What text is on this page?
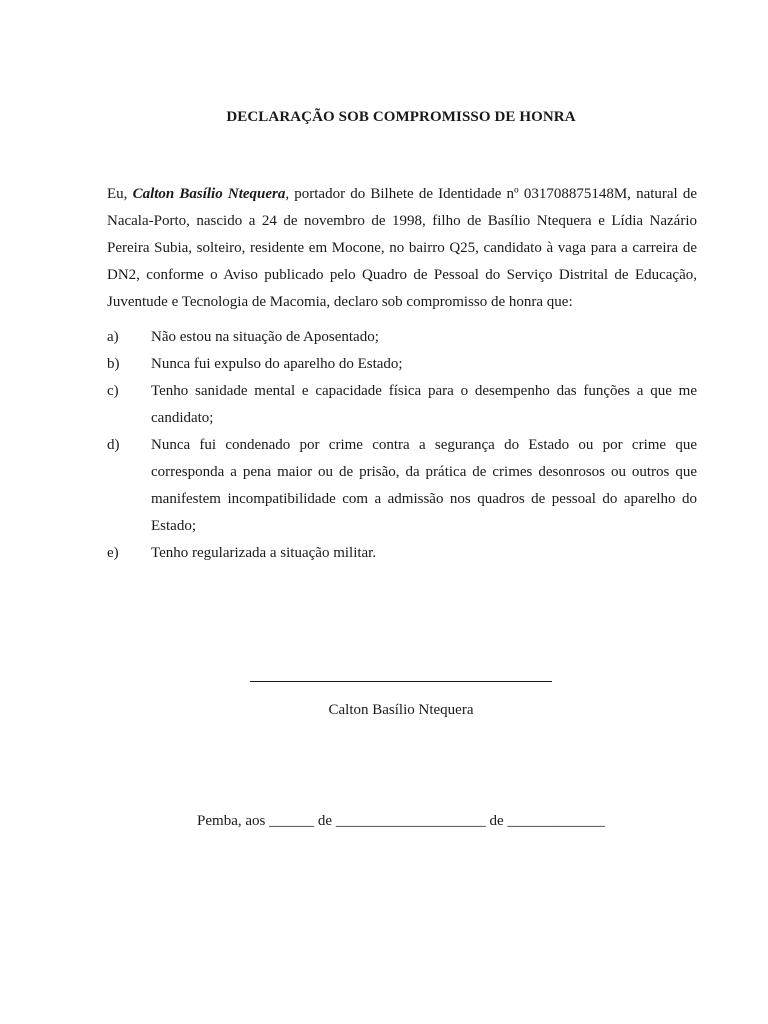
DECLARAÇÃO SOB COMPROMISSO DE HONRA

Eu, Calton Basílio Ntequera, portador do Bilhete de Identidade nº 031708875148M, natural de Nacala-Porto, nascido a 24 de novembro de 1998, filho de Basílio Ntequera e Lídia Nazário Pereira Subia, solteiro, residente em Mocone, no bairro Q25, candidato à vaga para a carreira de DN2, conforme o Aviso publicado pelo Quadro de Pessoal do Serviço Distrital de Educação, Juventude e Tecnologia de Macomia, declaro sob compromisso de honra que:

a)	Não estou na situação de Aposentado;
b)	Nunca fui expulso do aparelho do Estado;
c)	Tenho sanidade mental e capacidade física para o desempenho das funções a que me candidato;
d)	Nunca fui condenado por crime contra a segurança do Estado ou por crime que corresponda a pena maior ou de prisão, da prática de crimes desonrosos ou outros que manifestem incompatibilidade com a admissão nos quadros de pessoal do aparelho do Estado;
e)	Tenho regularizada a situação militar.
Calton Basílio Ntequera
Pemba, aos ______ de ____________________ de _____________
